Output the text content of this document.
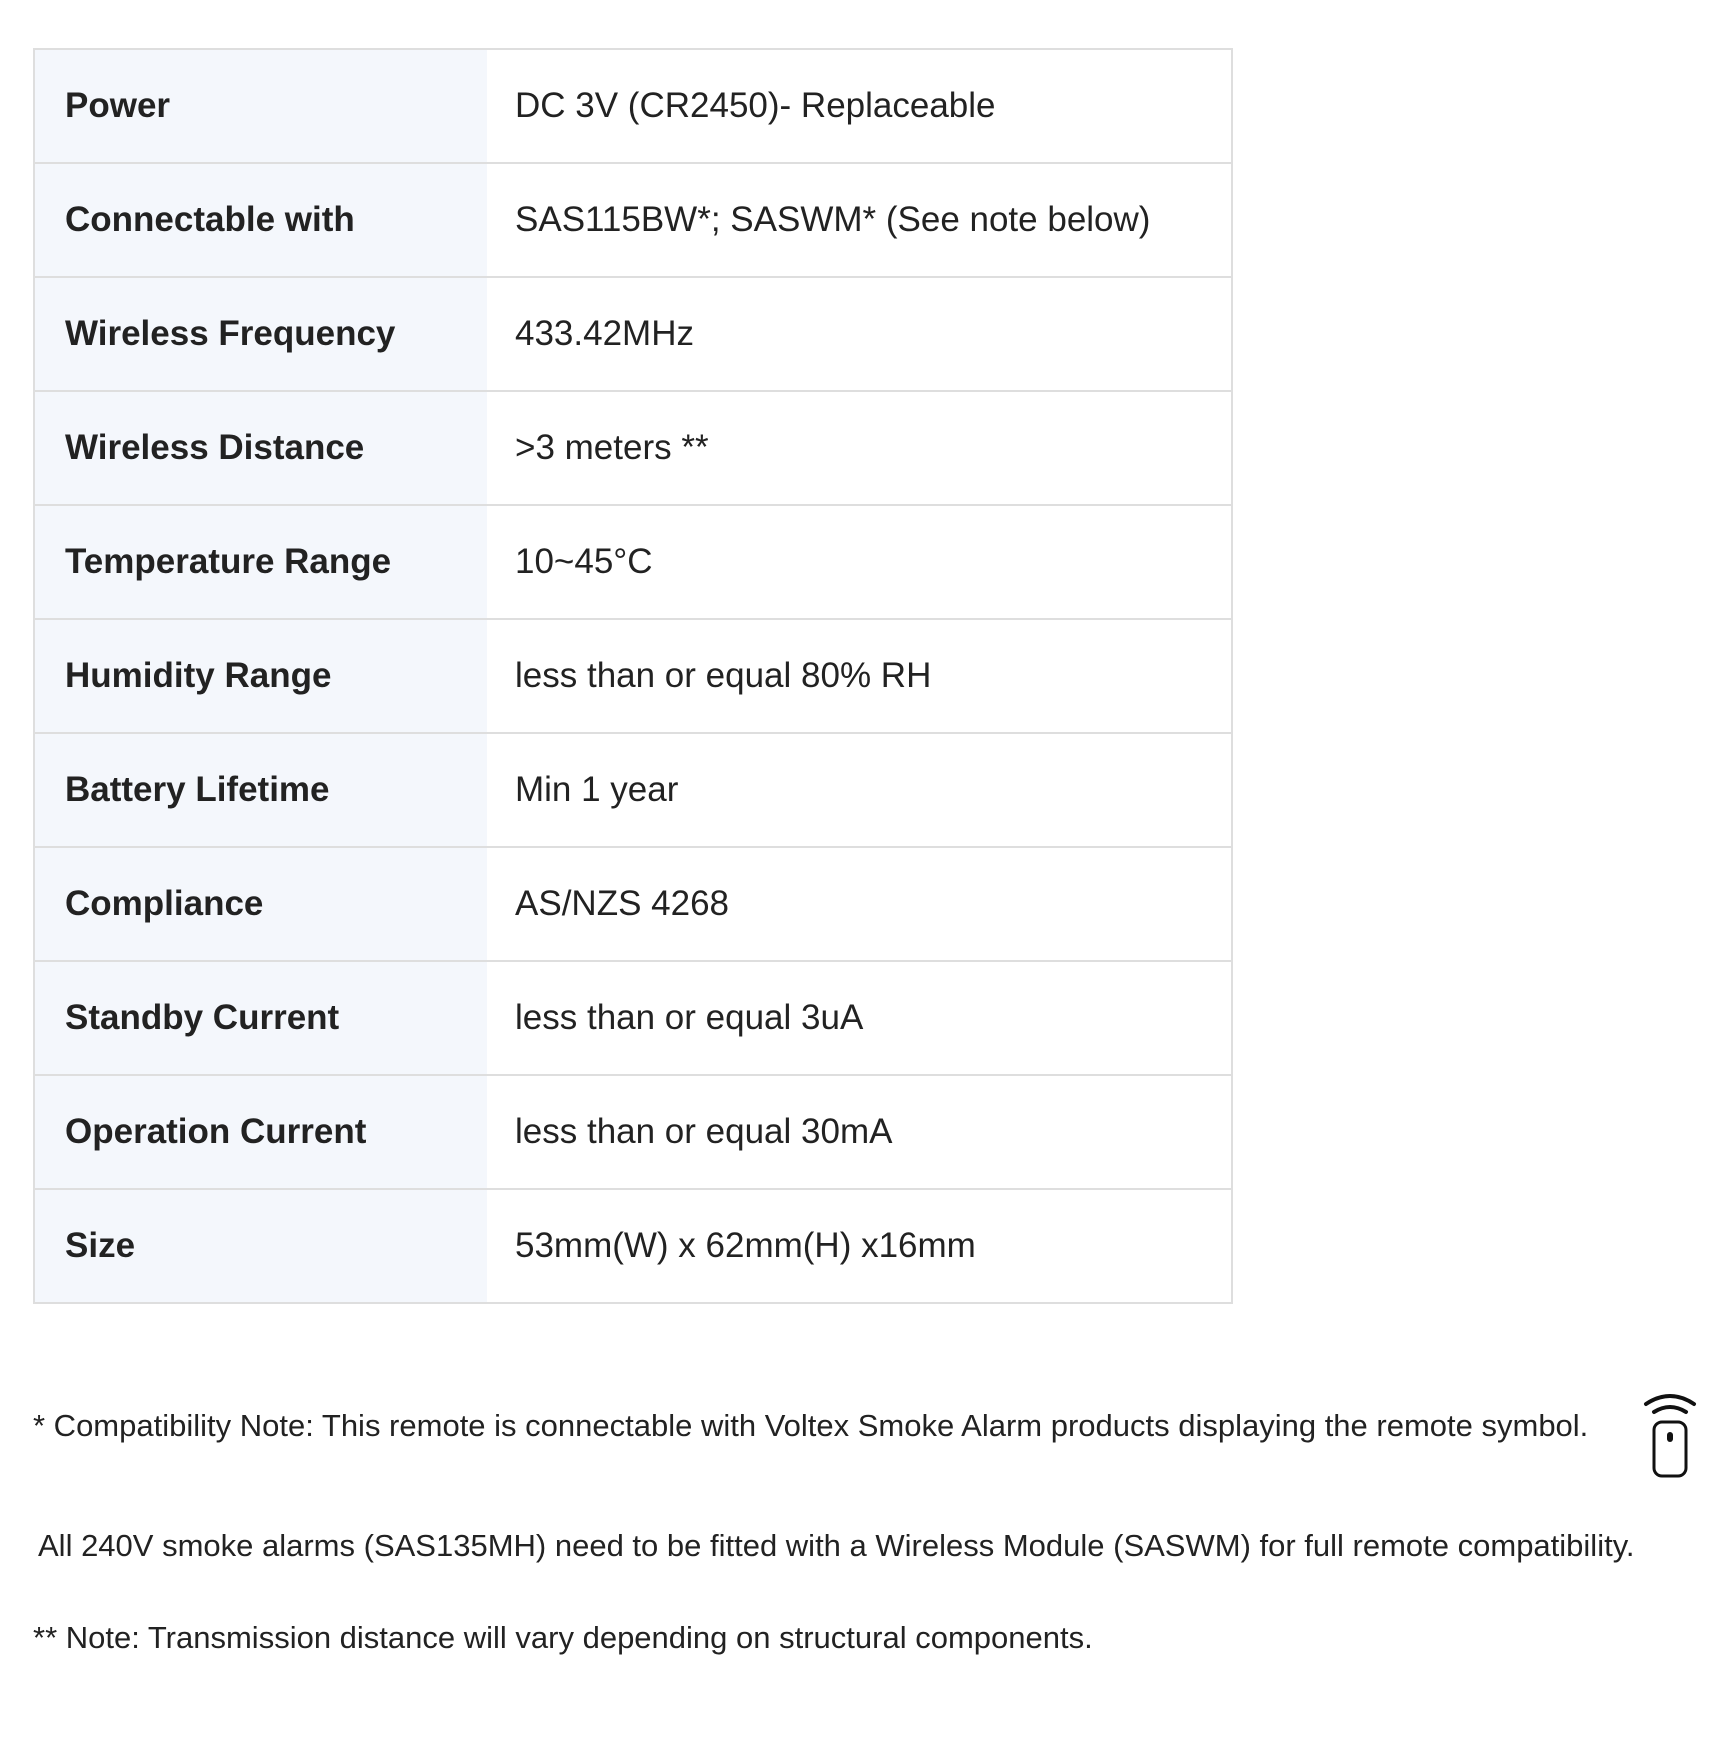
Power	DC 3V (CR2450)- Replaceable
Connectable with	SAS115BW*; SASWM* (See note below)
Wireless Frequency	433.42MHz
Wireless Distance	>3 meters **
Temperature Range	10~45°C
Humidity Range	less than or equal 80% RH
Battery Lifetime	Min 1 year
Compliance	AS/NZS 4268
Standby Current	less than or equal 3uA
Operation Current	less than or equal 30mA
Size	53mm(W) x 62mm(H) x16mm
* Compatibility Note: This remote is connectable with Voltex Smoke Alarm products displaying the remote symbol.
All 240V smoke alarms (SAS135MH) need to be fitted with a Wireless Module (SASWM) for full remote compatibility.
** Note: Transmission distance will vary depending on structural components.
